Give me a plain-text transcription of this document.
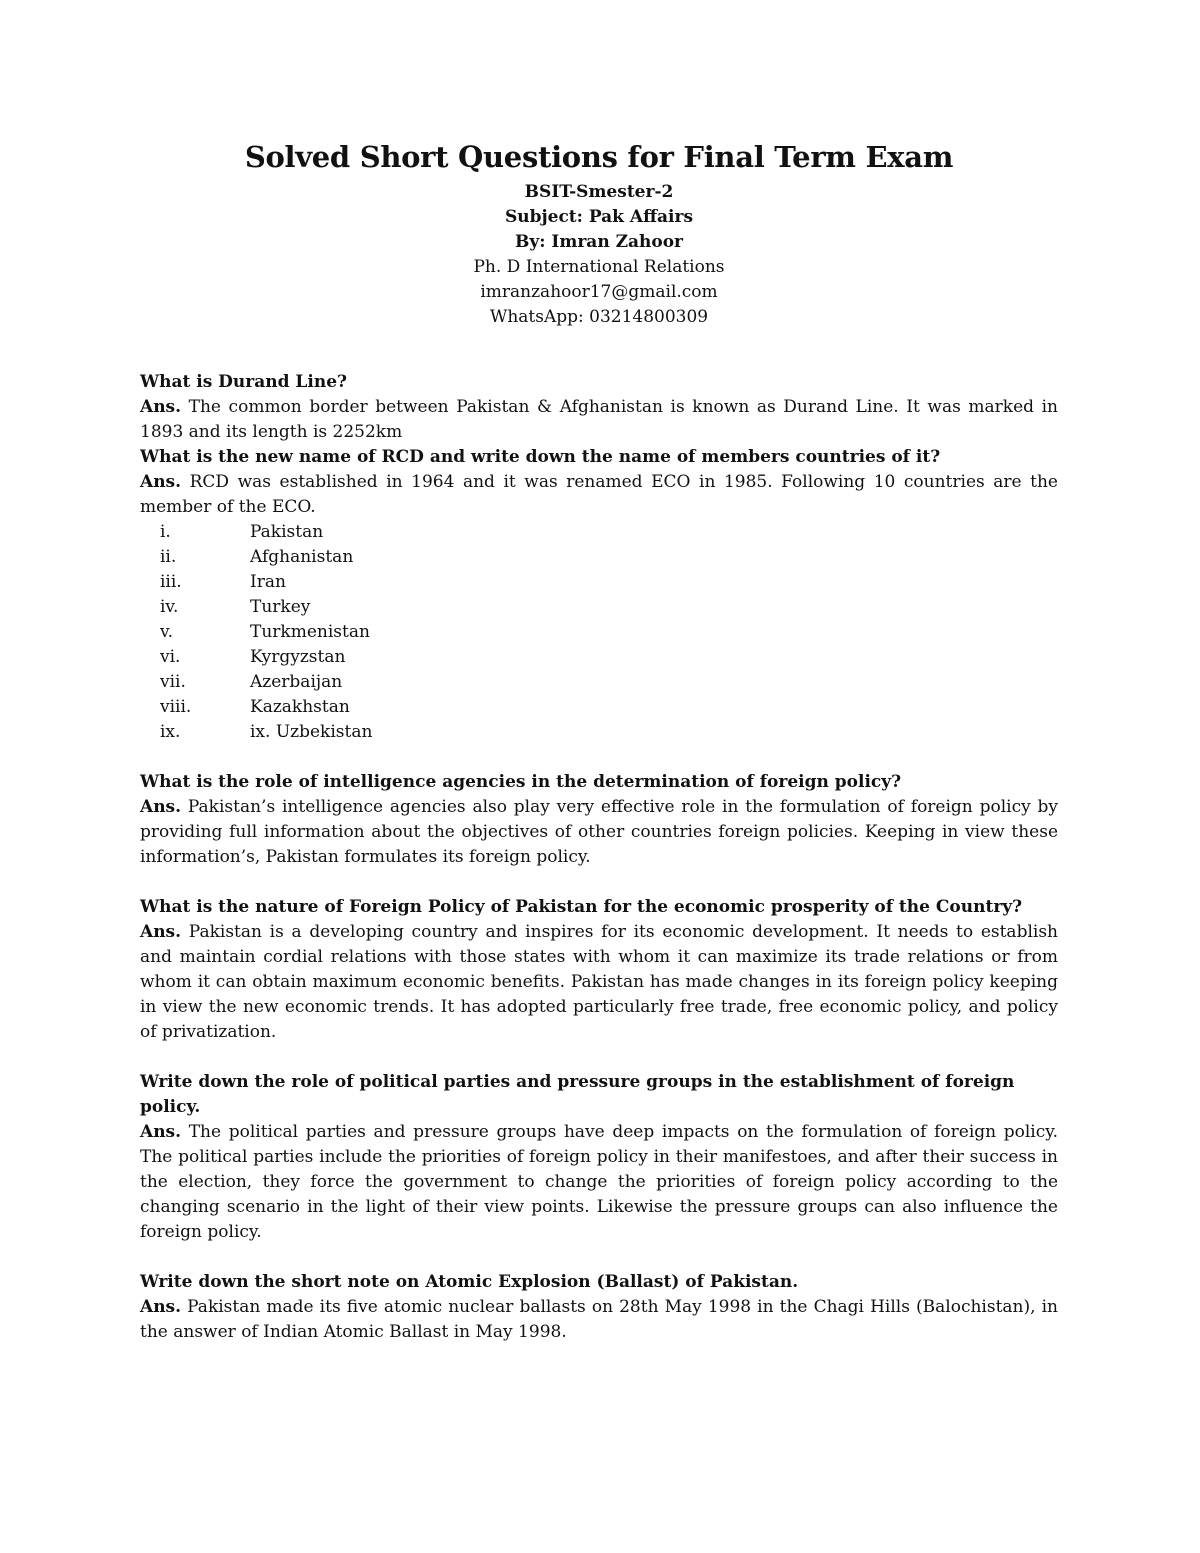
Solved Short Questions for Final Term Exam

BSIT-Smester-2

Subject: Pak Affairs

By: Imran Zahoor

Ph. D International Relations

imranzahoor17@gmail.com

WhatsApp: 03214800309

What is Durand Line?

Ans. The common border between Pakistan & Afghanistan is known as Durand Line. It was marked in 1893 and its length is 2252km

What is the new name of RCD and write down the name of members countries of it?

Ans. RCD was established in 1964 and it was renamed ECO in 1985. Following 10 countries are the member of the ECO.

i.	Pakistan
ii.	Afghanistan
iii.	Iran
iv.	Turkey
v.	Turkmenistan
vi.	Kyrgyzstan
vii.	Azerbaijan
viii.	Kazakhstan
ix.	ix. Uzbekistan

What is the role of intelligence agencies in the determination of foreign policy?

Ans. Pakistan’s intelligence agencies also play very effective role in the formulation of foreign policy by providing full information about the objectives of other countries foreign policies. Keeping in view these information’s, Pakistan formulates its foreign policy.

What is the nature of Foreign Policy of Pakistan for the economic prosperity of the Country?

Ans. Pakistan is a developing country and inspires for its economic development. It needs to establish and maintain cordial relations with those states with whom it can maximize its trade relations or from whom it can obtain maximum economic benefits. Pakistan has made changes in its foreign policy keeping in view the new economic trends. It has adopted particularly free trade, free economic policy, and policy of privatization.

Write down the role of political parties and pressure groups in the establishment of foreign policy.

Ans. The political parties and pressure groups have deep impacts on the formulation of foreign policy. The political parties include the priorities of foreign policy in their manifestoes, and after their success in the election, they force the government to change the priorities of foreign policy according to the changing scenario in the light of their view points. Likewise the pressure groups can also influence the foreign policy.

Write down the short note on Atomic Explosion (Ballast) of Pakistan.

Ans. Pakistan made its five atomic nuclear ballasts on 28th May 1998 in the Chagi Hills (Balochistan), in the answer of Indian Atomic Ballast in May 1998.
